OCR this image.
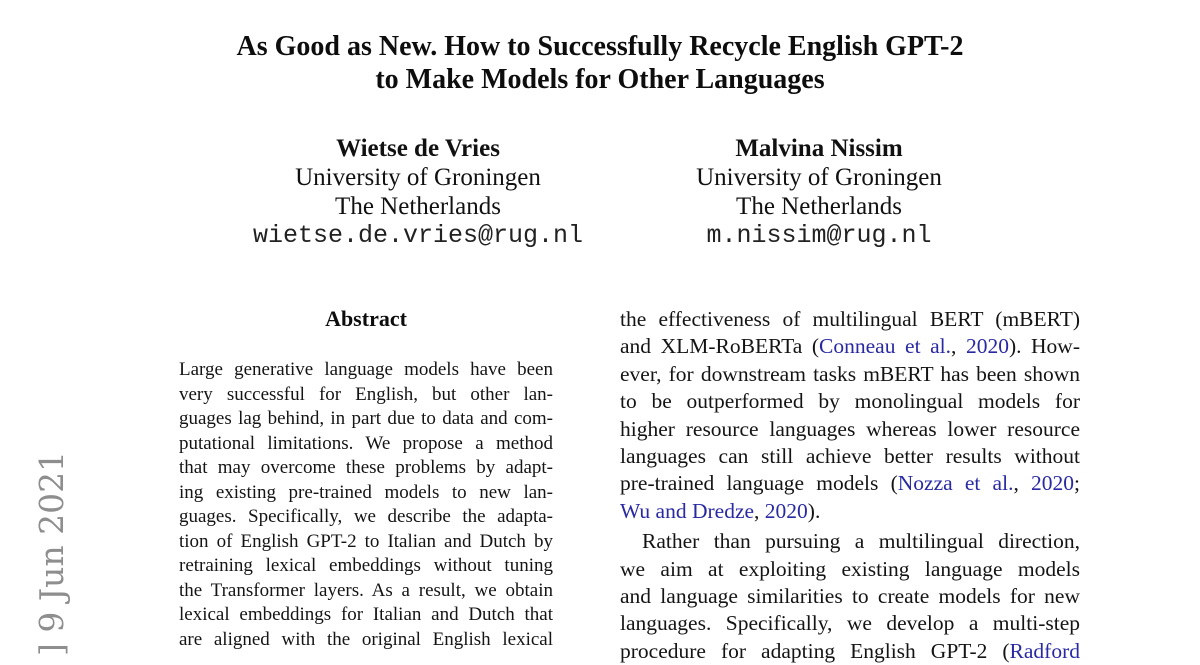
] 9 Jun 2021
As Good as New. How to Successfully Recycle English GPT-2
to Make Models for Other Languages
Wietse de Vries
University of Groningen
The Netherlands
wietse.de.vries@rug.nl
Malvina Nissim
University of Groningen
The Netherlands
m.nissim@rug.nl
Abstract
Large generative language models have been
very successful for English, but other lan-
guages lag behind, in part due to data and com-
putational limitations. We propose a method
that may overcome these problems by adapt-
ing existing pre-trained models to new lan-
guages. Specifically, we describe the adapta-
tion of English GPT-2 to Italian and Dutch by
retraining lexical embeddings without tuning
the Transformer layers. As a result, we obtain
lexical embeddings for Italian and Dutch that
are aligned with the original English lexical
the effectiveness of multilingual BERT (mBERT)
and XLM-RoBERTa (Conneau et al., 2020). How-
ever, for downstream tasks mBERT has been shown
to be outperformed by monolingual models for
higher resource languages whereas lower resource
languages can still achieve better results without
pre-trained language models (Nozza et al., 2020;
Wu and Dredze, 2020).
Rather than pursuing a multilingual direction,
we aim at exploiting existing language models
and language similarities to create models for new
languages. Specifically, we develop a multi-step
procedure for adapting English GPT-2 (Radford
